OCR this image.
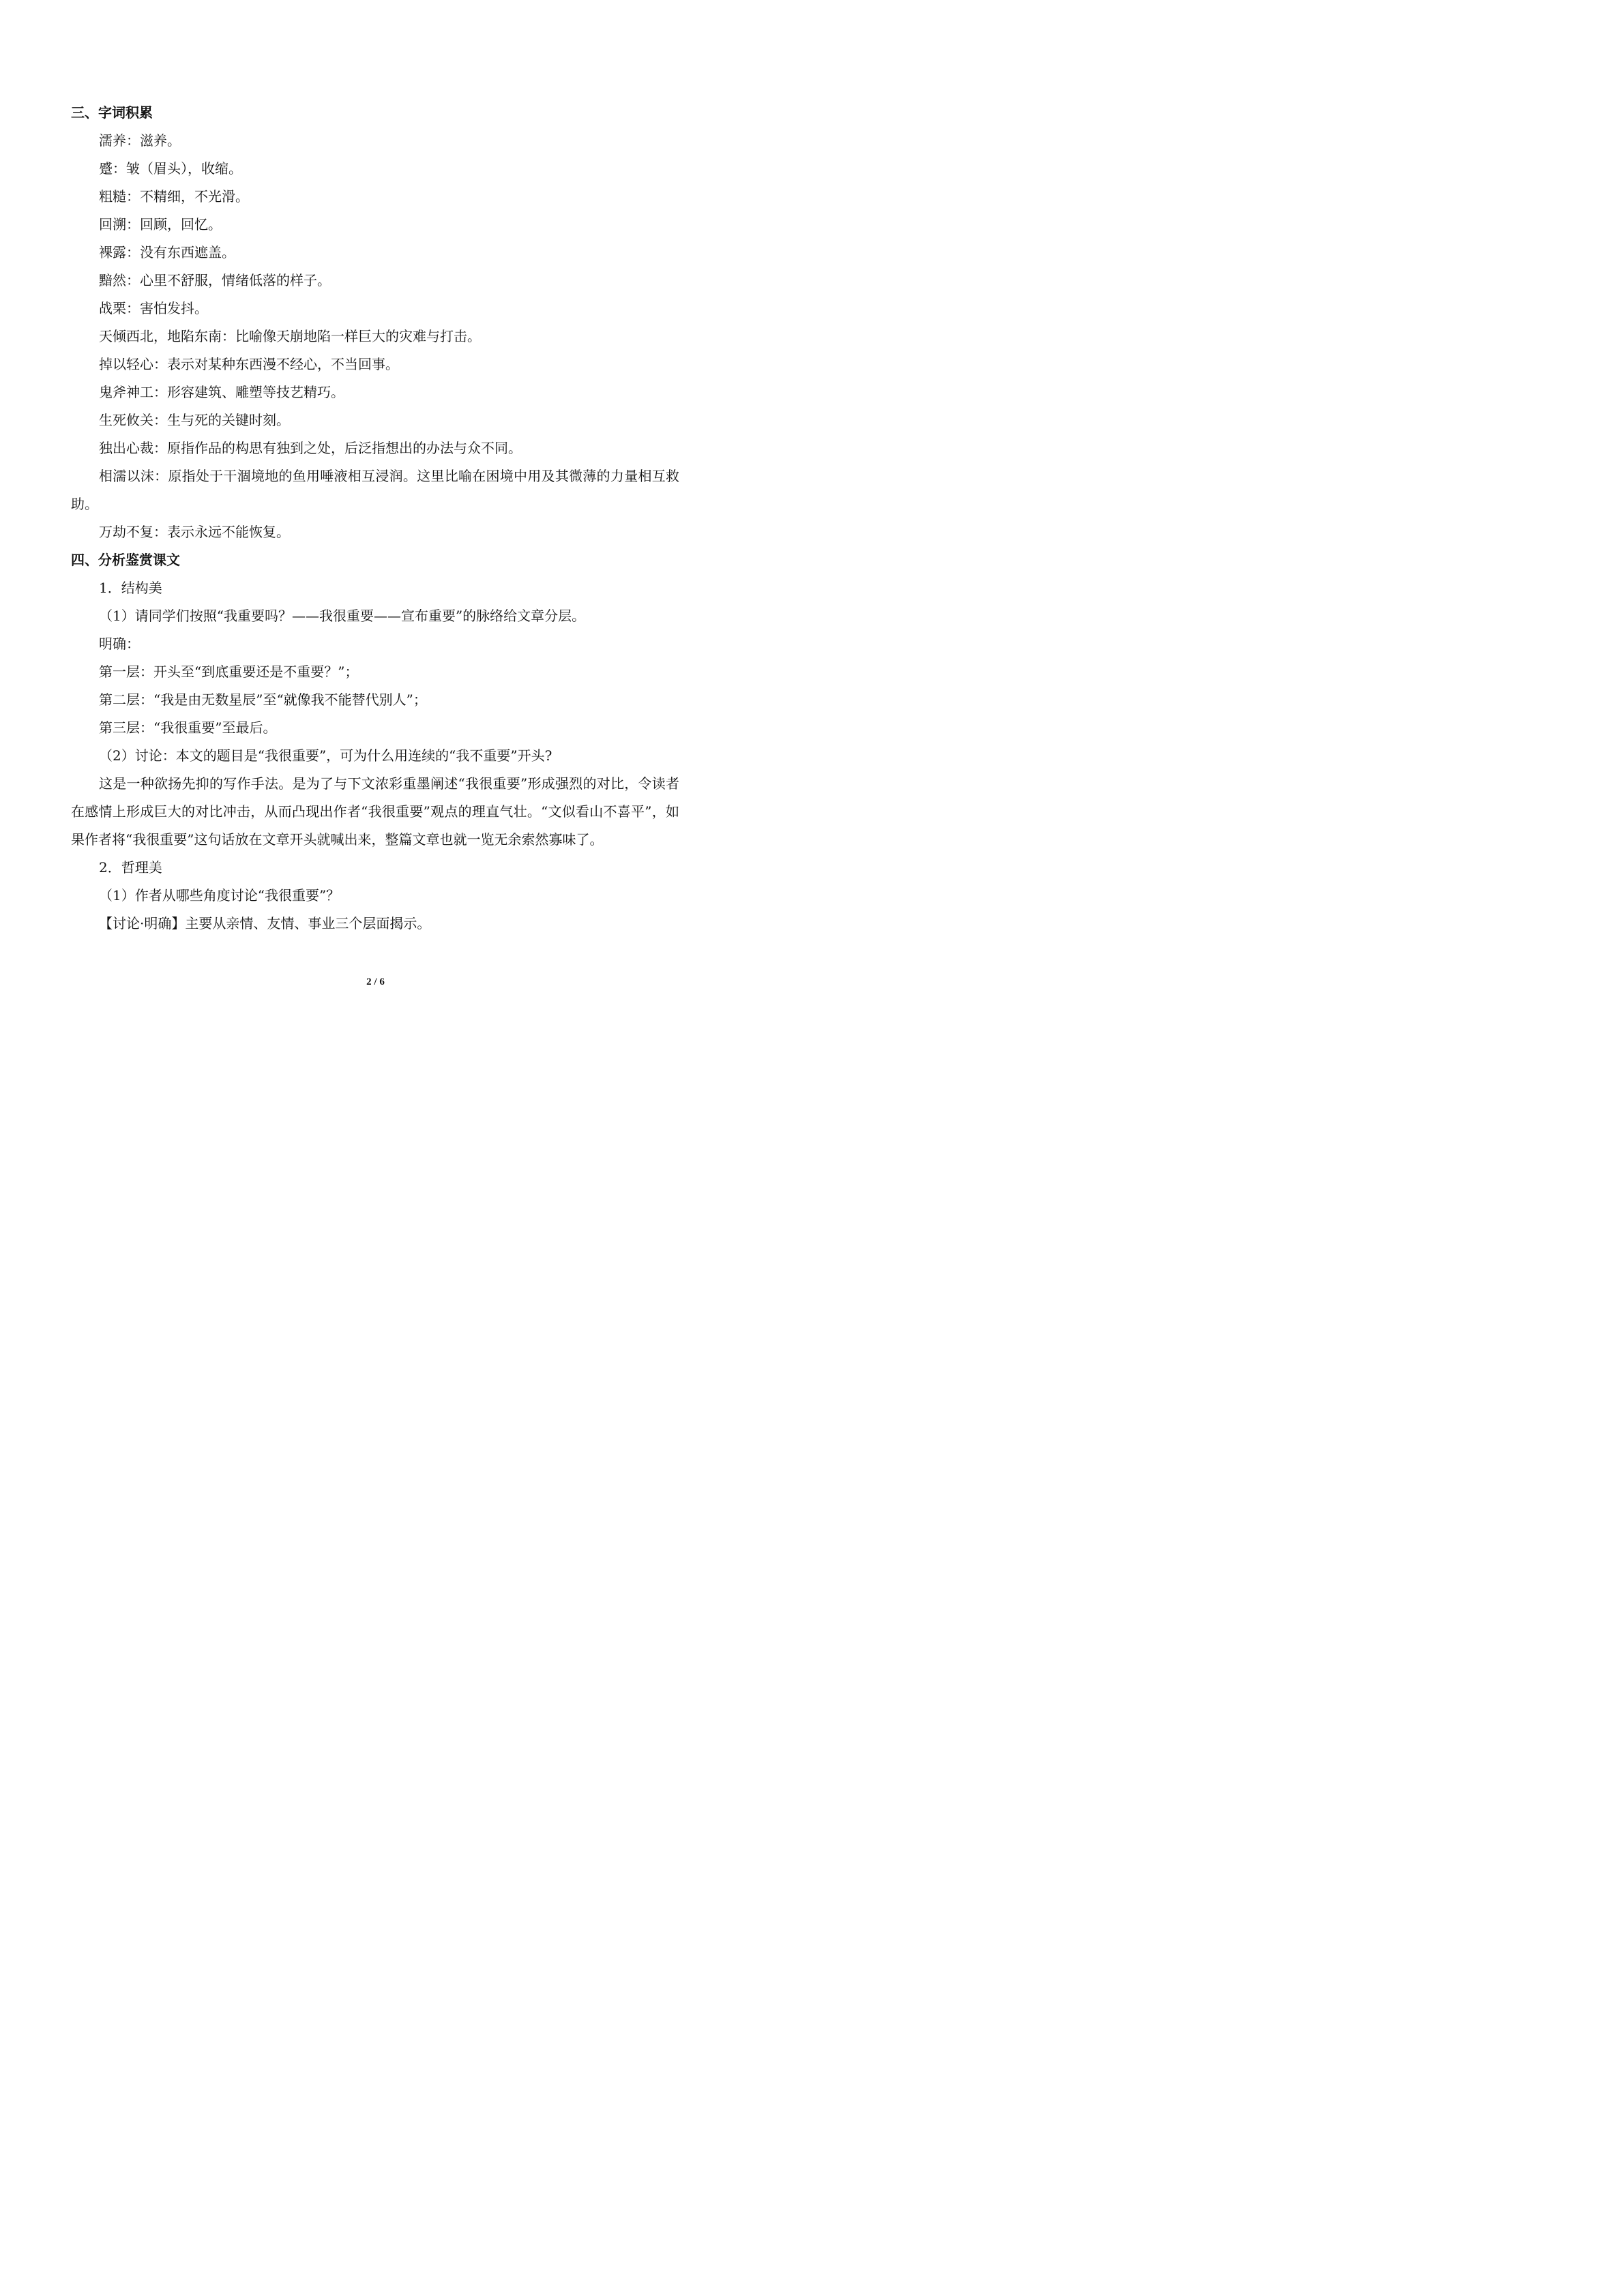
三、字词积累
濡养：滋养。
蹙：皱（眉头），收缩。
粗糙：不精细，不光滑。
回溯：回顾，回忆。
裸露：没有东西遮盖。
黯然：心里不舒服，情绪低落的样子。
战栗：害怕发抖。
天倾西北，地陷东南：比喻像天崩地陷一样巨大的灾难与打击。
掉以轻心：表示对某种东西漫不经心，不当回事。
鬼斧神工：形容建筑、雕塑等技艺精巧。
生死攸关：生与死的关键时刻。
独出心裁：原指作品的构思有独到之处，后泛指想出的办法与众不同。
相濡以沫：原指处于干涸境地的鱼用唾液相互浸润。这里比喻在困境中用及其微薄的力量相互救助。
万劫不复：表示永远不能恢复。
四、分析鉴赏课文
1．结构美
（1）请同学们按照“我重要吗？——我很重要——宣布重要”的脉络给文章分层。
明确：
第一层：开头至“到底重要还是不重要？”；
第二层：“我是由无数星辰”至“就像我不能替代别人”；
第三层：“我很重要”至最后。
（2）讨论：本文的题目是“我很重要”，可为什么用连续的“我不重要”开头?
这是一种欲扬先抑的写作手法。是为了与下文浓彩重墨阐述“我很重要”形成强烈的对比，令读者在感情上形成巨大的对比冲击，从而凸现出作者“我很重要”观点的理直气壮。“文似看山不喜平”，如果作者将“我很重要”这句话放在文章开头就喊出来，整篇文章也就一览无余索然寡味了。
2．哲理美
（1）作者从哪些角度讨论“我很重要”？
【讨论·明确】主要从亲情、友情、事业三个层面揭示。
2 / 6
